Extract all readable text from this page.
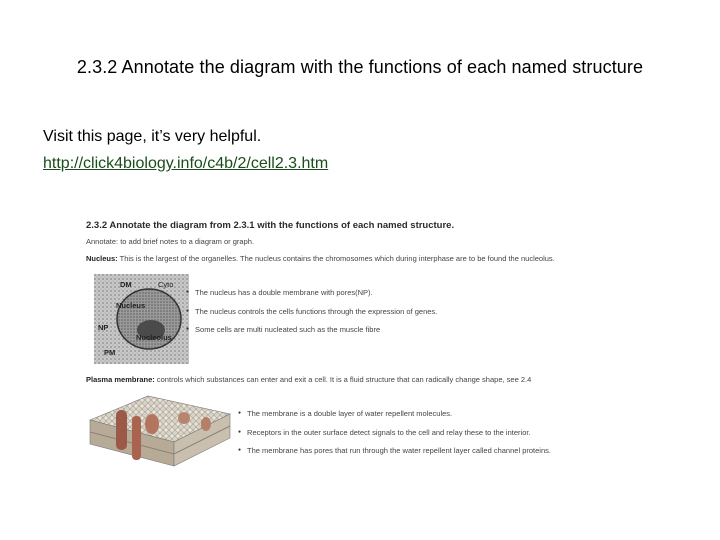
2.3.2 Annotate the diagram with the functions of each named structure
Visit this page, it’s very helpful.
http://click4biology.info/c4b/2/cell2.3.htm
2.3.2 Annotate the diagram from 2.3.1 with the functions of each named structure.
Annotate: to add brief notes to a diagram or graph.
Nucleus: This is the largest of the organelles. The nucleus contains the chromosomes which during interphase are to be found the nucleolus.
DM	Cyto
Nucleus
NP
Nucleolus
PM
● The nucleus has a double membrane with pores(NP).
● The nucleus controls the cells functions through the expression of genes.
● Some cells are multi nucleated such as the muscle fibre
Plasma membrane: controls which substances can enter and exit a cell. It is a fluid structure that can radically change shape, see 2.4
● The membrane is a double layer of water repellent molecules.
● Receptors in the outer surface detect signals to the cell and relay these to the interior.
● The membrane has pores that run through the water repellent layer called channel proteins.
